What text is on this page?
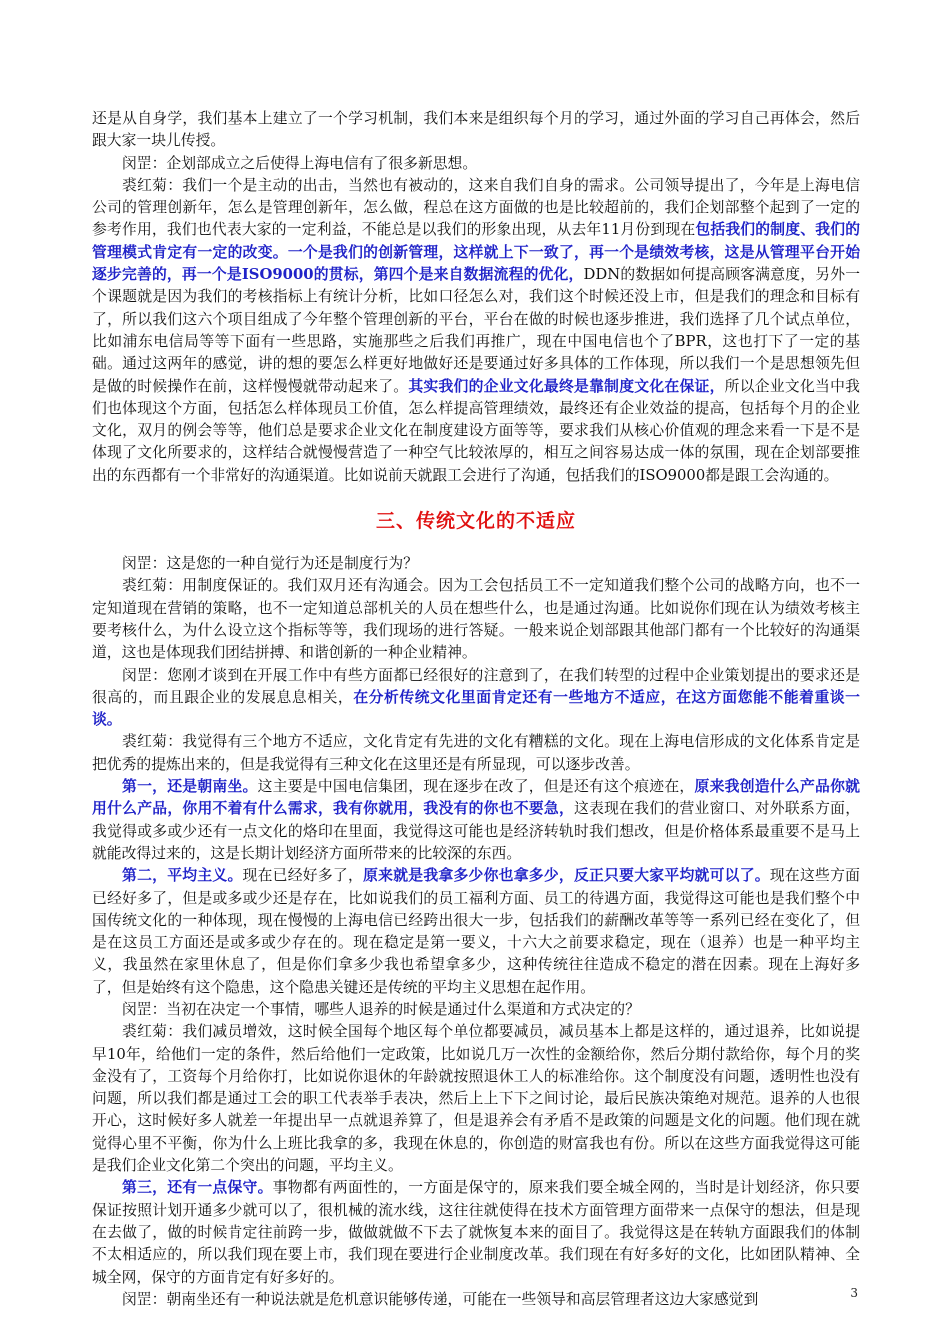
还是从自身学，我们基本上建立了一个学习机制，我们本来是组织每个月的学习，通过外面的学习自己再体会，然后跟大家一块儿传授。

闵罡：企划部成立之后使得上海电信有了很多新思想。

裘红菊：我们一个是主动的出击，当然也有被动的，这来自我们自身的需求。公司领导提出了，今年是上海电信公司的管理创新年，怎么是管理创新年，怎么做，程总在这方面做的也是比较超前的，我们企划部整个起到了一定的参考作用，我们也代表大家的一定利益，不能总是以我们的形象出现，从去年11月份到现在包括我们的制度、我们的管理模式肯定有一定的改变。一个是我们的创新管理，这样就上下一致了，再一个是绩效考核，这是从管理平台开始逐步完善的，再一个是ISO9000的贯标，第四个是来自数据流程的优化，DDN的数据如何提高顾客满意度，另外一个课题就是因为我们的考核指标上有统计分析，比如口径怎么对，我们这个时候还没上市，但是我们的理念和目标有了，所以我们这六个项目组成了今年整个管理创新的平台，平台在做的时候也逐步推进，我们选择了几个试点单位，比如浦东电信局等等下面有一些思路，实施那些之后我们再推广，现在中国电信也个了BPR，这也打下了一定的基础。通过这两年的感觉，讲的想的要怎么样更好地做好还是要通过好多具体的工作体现，所以我们一个是思想领先但是做的时候操作在前，这样慢慢就带动起来了。其实我们的企业文化最终是靠制度文化在保证，所以企业文化当中我们也体现这个方面，包括怎么样体现员工价值，怎么样提高管理绩效，最终还有企业效益的提高，包括每个月的企业文化，双月的例会等等，他们总是要求企业文化在制度建设方面等等，要求我们从核心价值观的理念来看一下是不是体现了文化所要求的，这样结合就慢慢营造了一种空气比较浓厚的，相互之间容易达成一体的氛围，现在企划部要推出的东西都有一个非常好的沟通渠道。比如说前天就跟工会进行了沟通，包括我们的ISO9000都是跟工会沟通的。

三、传统文化的不适应

闵罡：这是您的一种自觉行为还是制度行为？

裘红菊：用制度保证的。我们双月还有沟通会。因为工会包括员工不一定知道我们整个公司的战略方向，也不一定知道现在营销的策略，也不一定知道总部机关的人员在想些什么，也是通过沟通。比如说你们现在认为绩效考核主要考核什么，为什么设立这个指标等等，我们现场的进行答疑。一般来说企划部跟其他部门都有一个比较好的沟通渠道，这也是体现我们团结拼搏、和谐创新的一种企业精神。

闵罡：您刚才谈到在开展工作中有些方面都已经很好的注意到了，在我们转型的过程中企业策划提出的要求还是很高的，而且跟企业的发展息息相关，在分析传统文化里面肯定还有一些地方不适应，在这方面您能不能着重谈一谈。

裘红菊：我觉得有三个地方不适应，文化肯定有先进的文化有糟糕的文化。现在上海电信形成的文化体系肯定是把优秀的提炼出来的，但是我觉得有三种文化在这里还是有所显现，可以逐步改善。

第一，还是朝南坐。这主要是中国电信集团，现在逐步在改了，但是还有这个痕迹在，原来我创造什么产品你就用什么产品，你用不着有什么需求，我有你就用，我没有的你也不要急，这表现在我们的营业窗口、对外联系方面，我觉得或多或少还有一点文化的烙印在里面，我觉得这可能也是经济转轨时我们想改，但是价格体系最重要不是马上就能改得过来的，这是长期计划经济方面所带来的比较深的东西。

第二，平均主义。现在已经好多了，原来就是我拿多少你也拿多少，反正只要大家平均就可以了。现在这些方面已经好多了，但是或多或少还是存在，比如说我们的员工福利方面、员工的待遇方面，我觉得这可能也是我们整个中国传统文化的一种体现，现在慢慢的上海电信已经跨出很大一步，包括我们的薪酬改革等等一系列已经在变化了，但是在这员工方面还是或多或少存在的。现在稳定是第一要义，十六大之前要求稳定，现在（退养）也是一种平均主义，我虽然在家里休息了，但是你们拿多少我也希望拿多少，这种传统往往造成不稳定的潜在因素。现在上海好多了，但是始终有这个隐患，这个隐患关键还是传统的平均主义思想在起作用。

闵罡：当初在决定一个事情，哪些人退养的时候是通过什么渠道和方式决定的？

裘红菊：我们减员增效，这时候全国每个地区每个单位都要减员，减员基本上都是这样的，通过退养，比如说提早10年，给他们一定的条件，然后给他们一定政策，比如说几万一次性的金额给你，然后分期付款给你，每个月的奖金没有了，工资每个月给你打，比如说你退休的年龄就按照退休工人的标准给你。这个制度没有问题，透明性也没有问题，所以我们都是通过工会的职工代表举手表决，然后上上下下之间讨论，最后民族决策绝对规范。退养的人也很开心，这时候好多人就差一年提出早一点就退养算了，但是退养会有矛盾不是政策的问题是文化的问题。他们现在就觉得心里不平衡，你为什么上班比我拿的多，我现在休息的，你创造的财富我也有份。所以在这些方面我觉得这可能是我们企业文化第二个突出的问题，平均主义。

第三，还有一点保守。事物都有两面性的，一方面是保守的，原来我们要全城全网的，当时是计划经济，你只要保证按照计划开通多少就可以了，很机械的流水线，这往往就使得在技术方面管理方面带来一点保守的想法，但是现在去做了，做的时候肯定往前跨一步，做做就做不下去了就恢复本来的面目了。我觉得这是在转轨方面跟我们的体制不太相适应的，所以我们现在要上市，我们现在要进行企业制度改革。我们现在有好多好的文化，比如团队精神、全城全网，保守的方面肯定有好多好的。

闵罡：朝南坐还有一种说法就是危机意识能够传递，可能在一些领导和高层管理者这边大家感觉到	3
